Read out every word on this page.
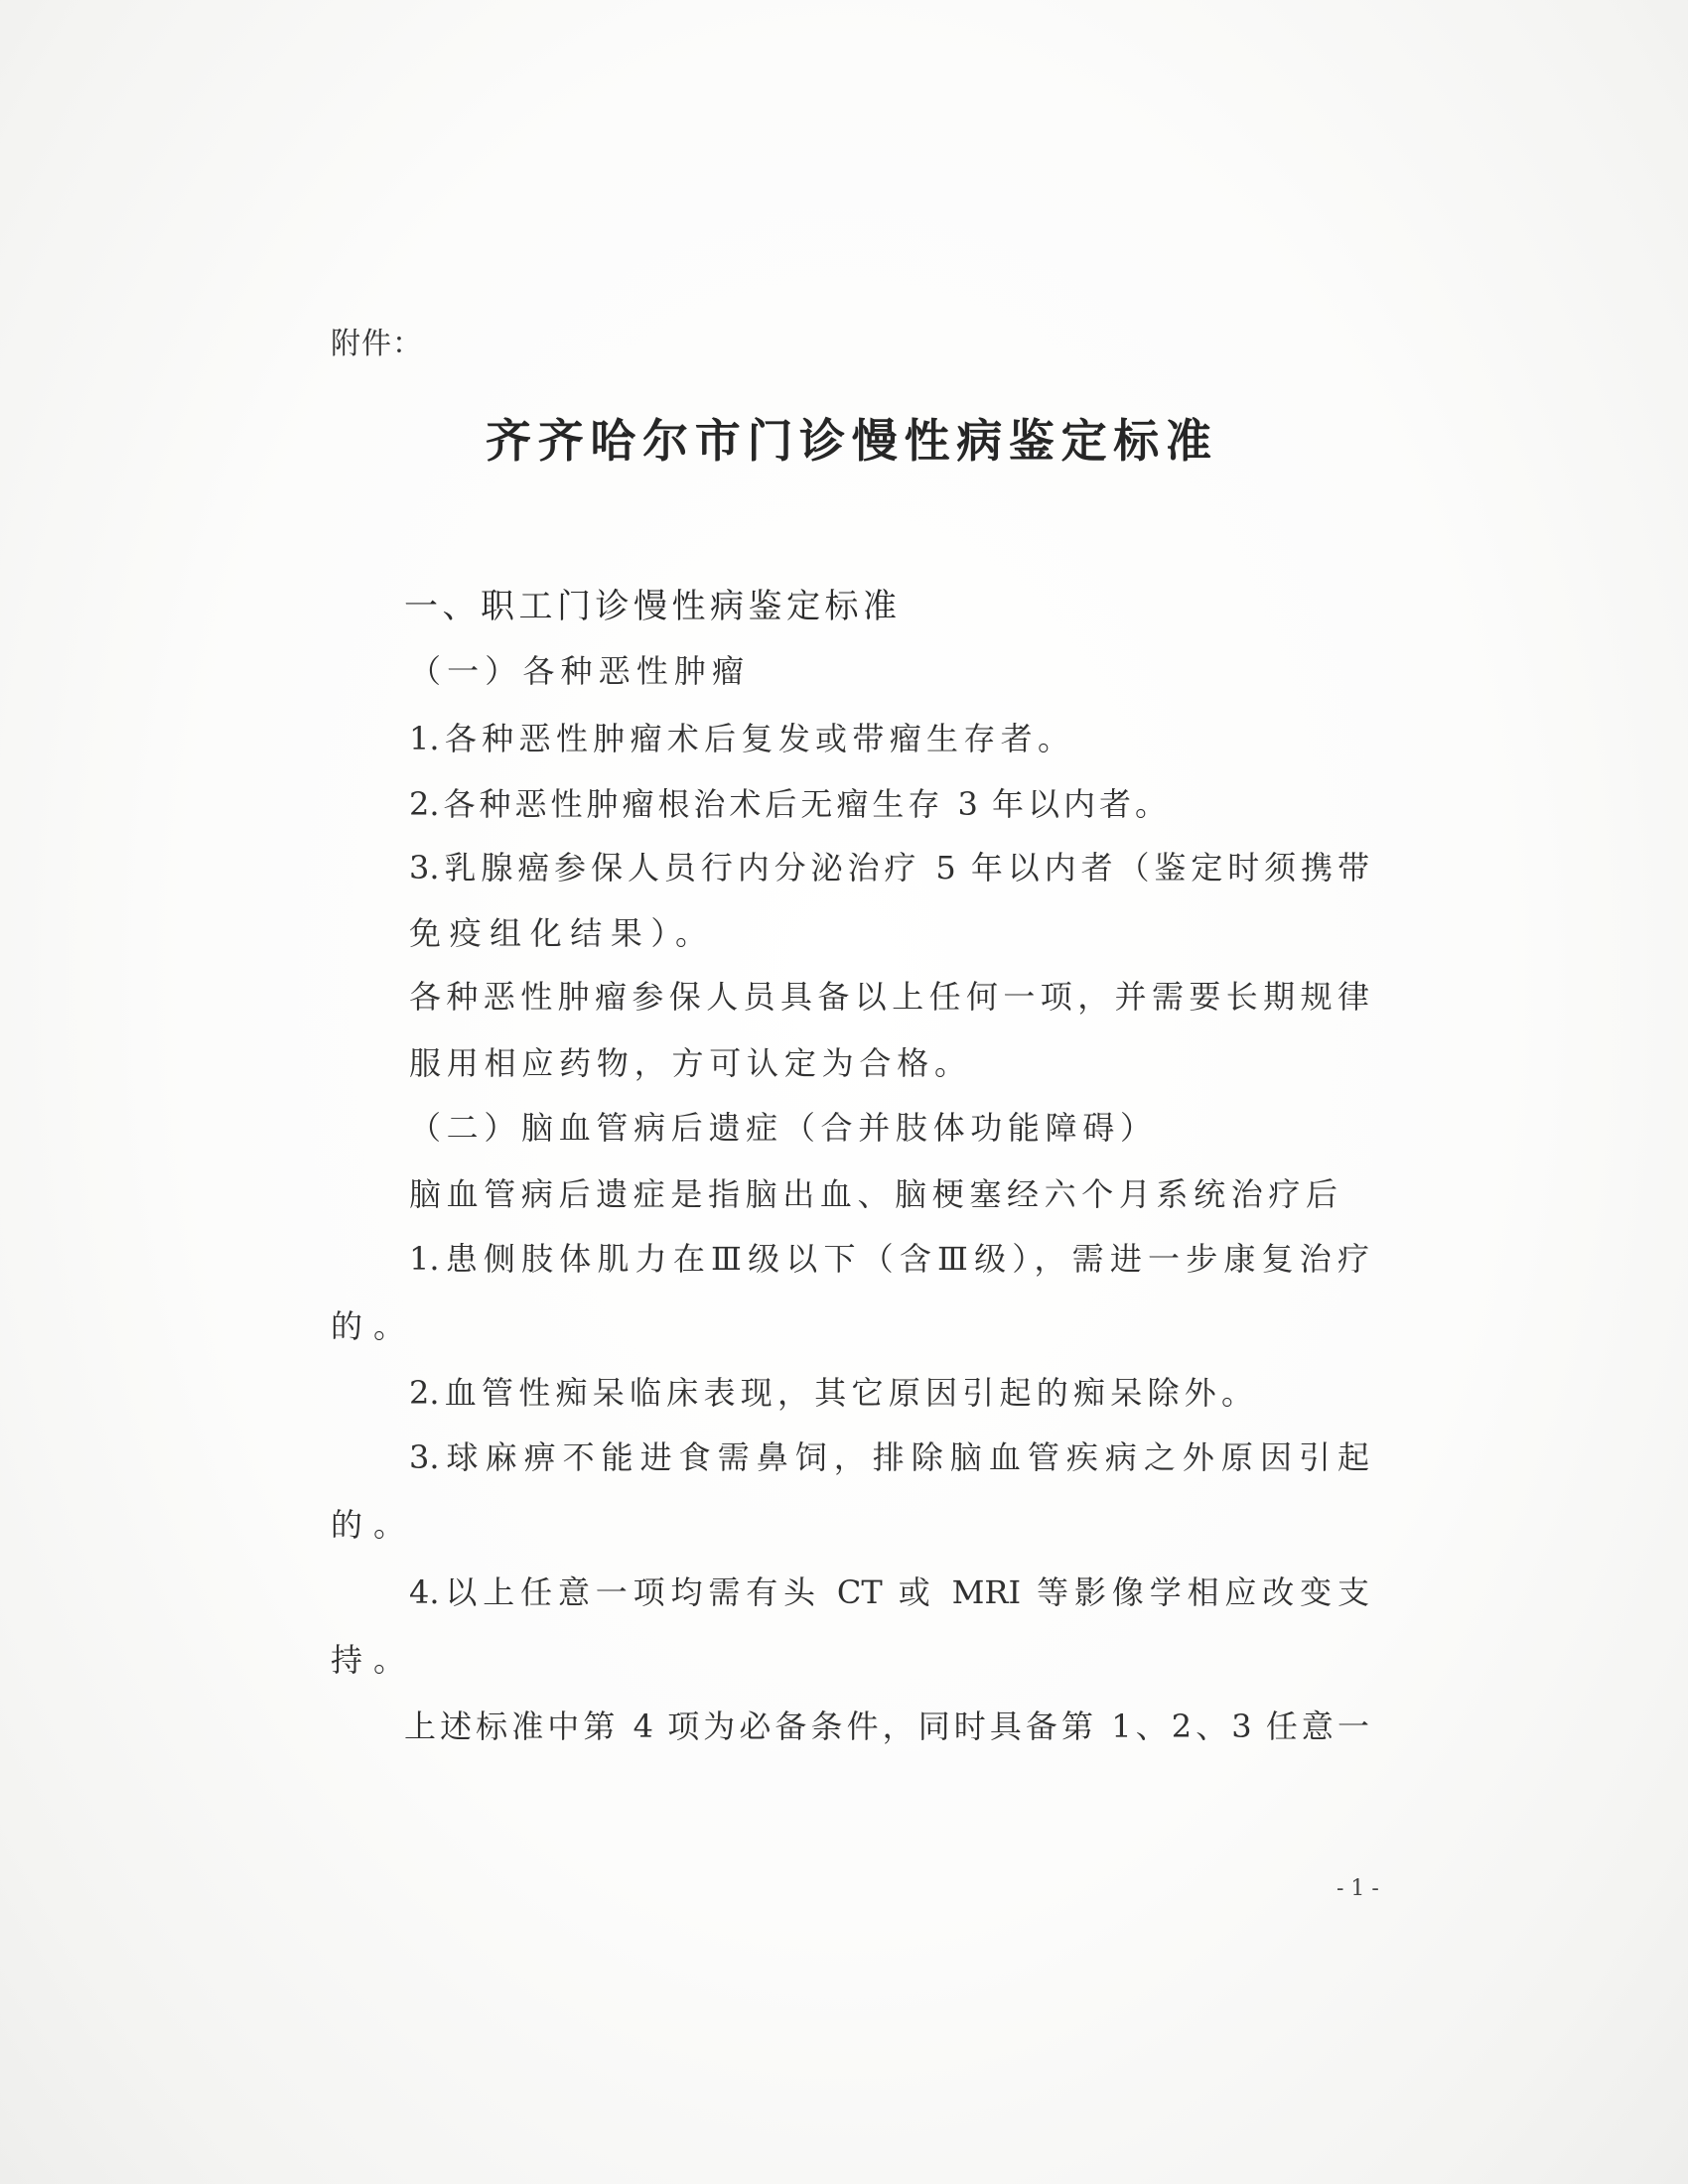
附件：
齐齐哈尔市门诊慢性病鉴定标准
一、职工门诊慢性病鉴定标准
（一）各种恶性肿瘤
1.各种恶性肿瘤术后复发或带瘤生存者。
2.各种恶性肿瘤根治术后无瘤生存 3 年以内者。
3.乳腺癌参保人员行内分泌治疗 5 年以内者（鉴定时须携带
免疫组化结果）。
各种恶性肿瘤参保人员具备以上任何一项，并需要长期规律
服用相应药物，方可认定为合格。
（二）脑血管病后遗症（合并肢体功能障碍）
脑血管病后遗症是指脑出血、脑梗塞经六个月系统治疗后
1.患侧肢体肌力在Ⅲ级以下（含Ⅲ级），需进一步康复治疗
的。
2.血管性痴呆临床表现，其它原因引起的痴呆除外。
3.球麻痹不能进食需鼻饲，排除脑血管疾病之外原因引起
的。
4.以上任意一项均需有头 CT 或 MRI 等影像学相应改变支
持。
上述标准中第 4 项为必备条件，同时具备第 1、2、3 任意一
- 1 -
